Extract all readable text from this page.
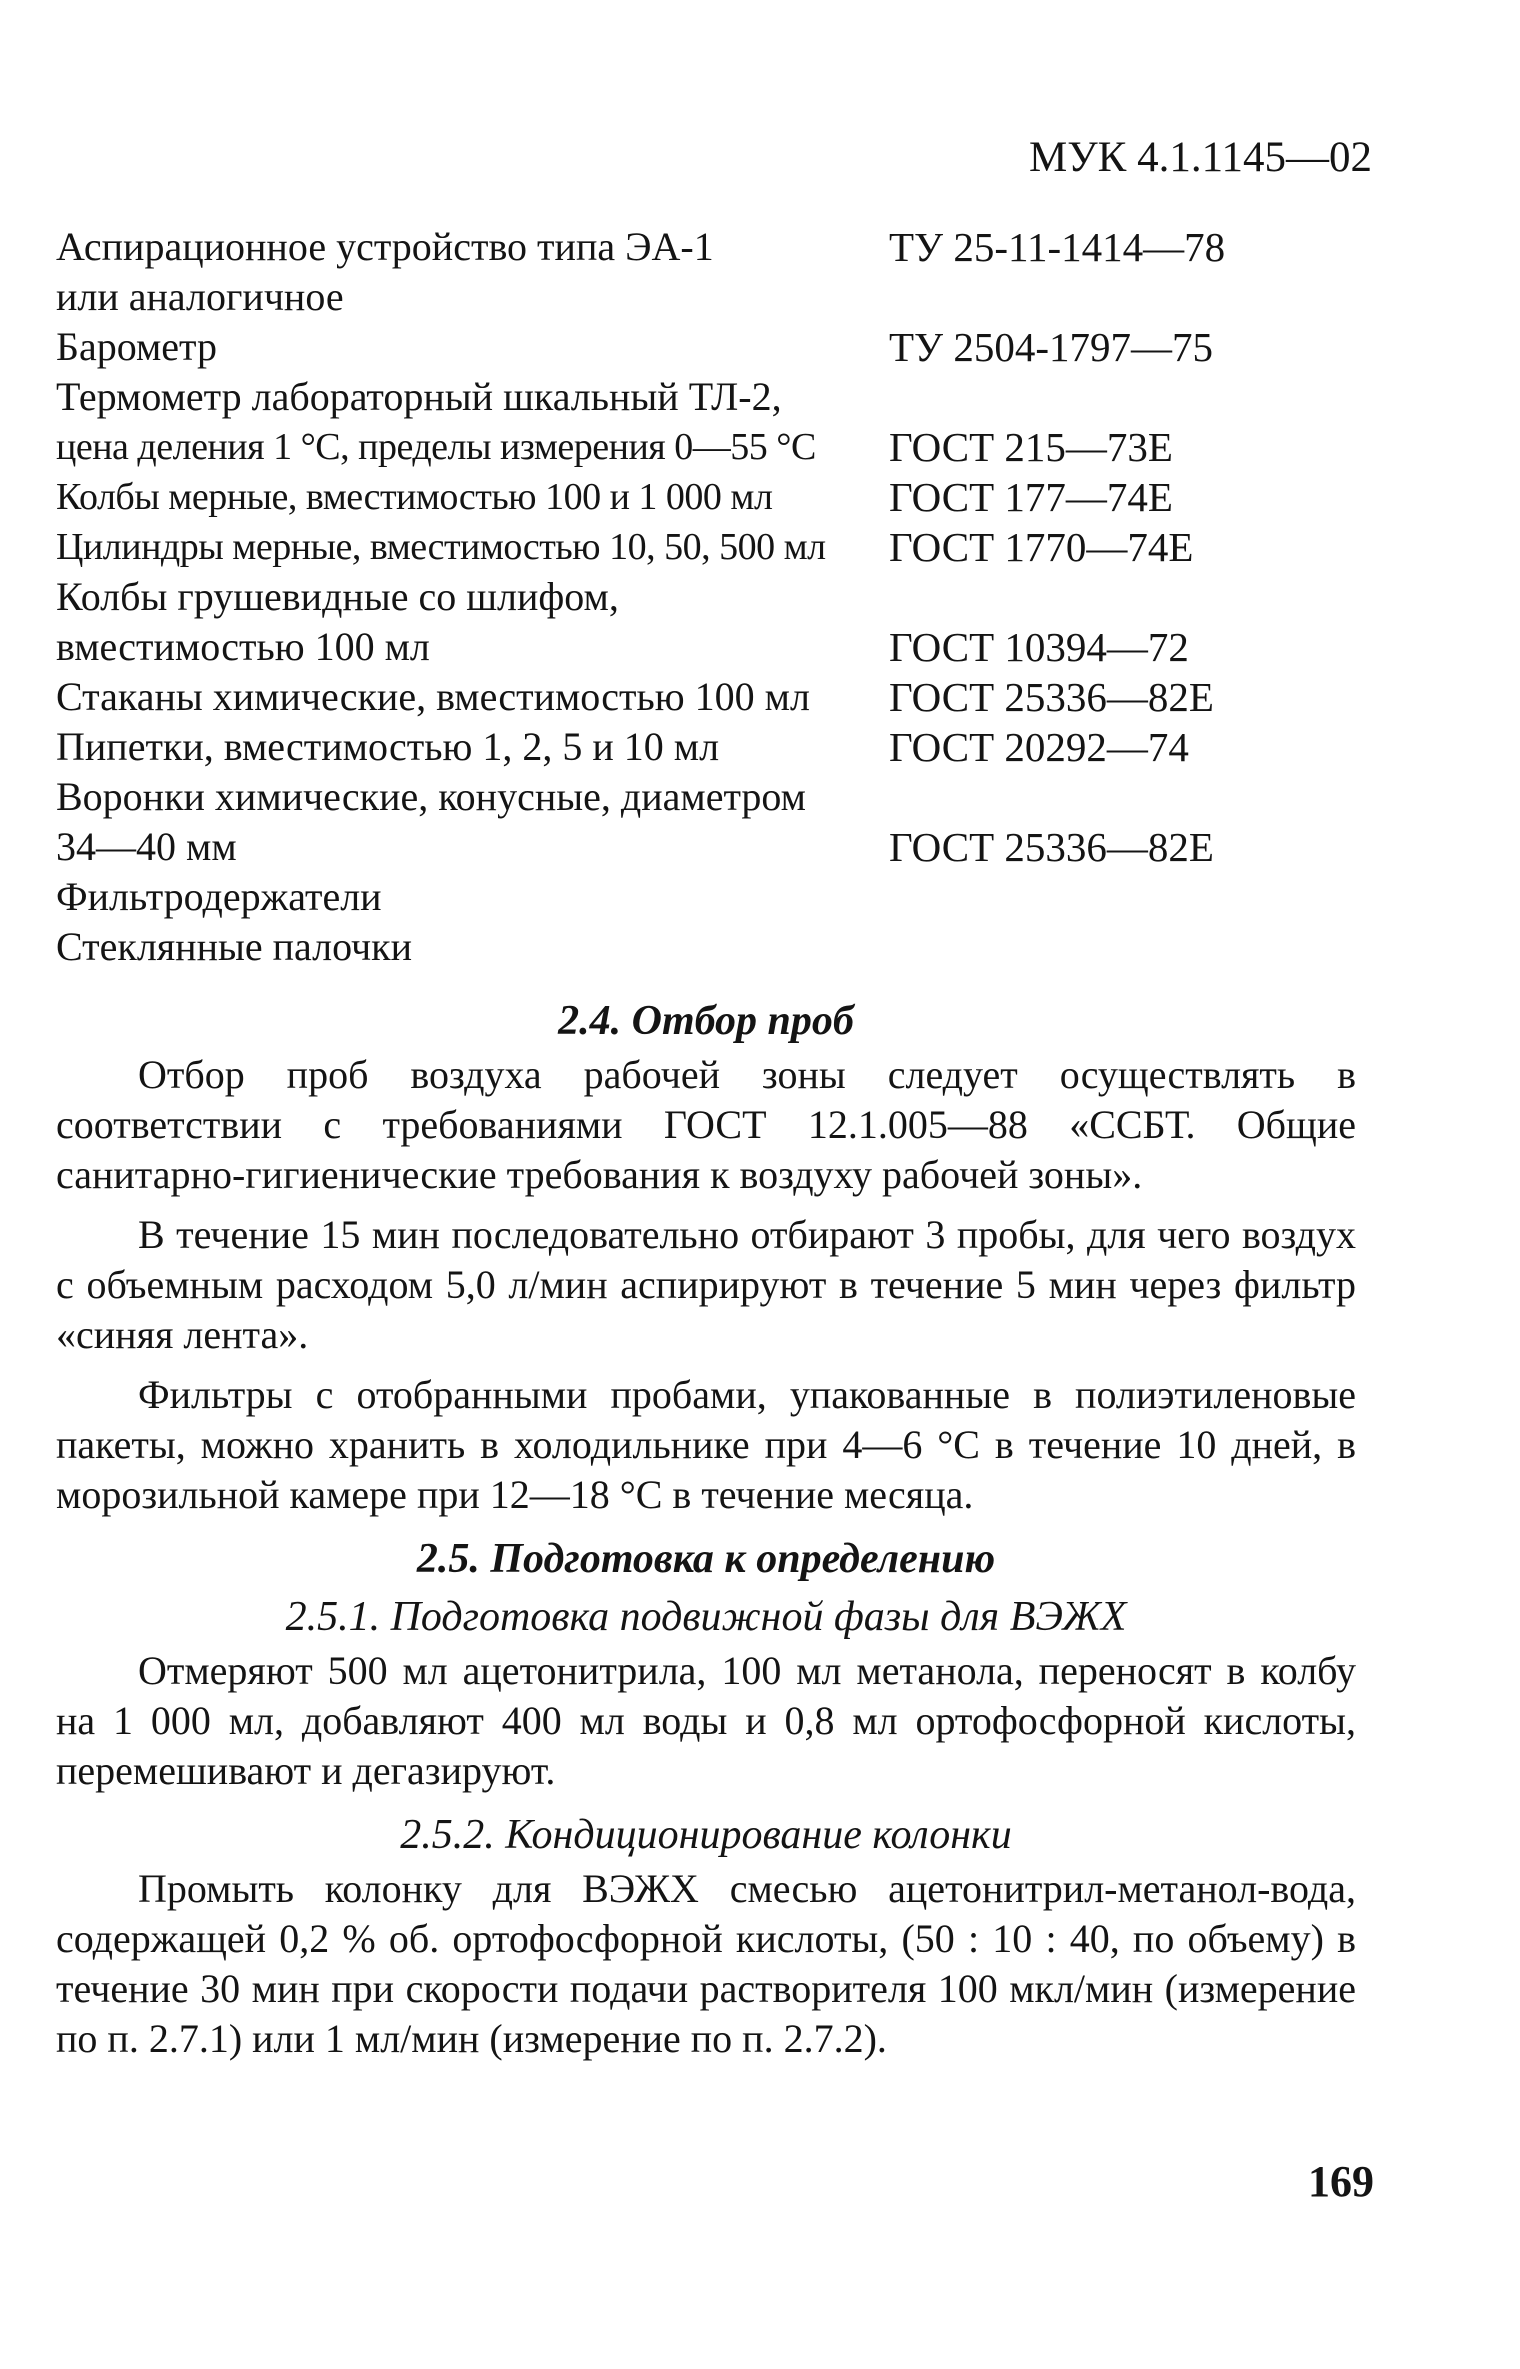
МУК 4.1.1145—02
Аспирационное устройство типа ЭА-1	ТУ 25-11-1414—78
или аналогичное
Барометр	ТУ 2504-1797—75
Термометр лабораторный шкальный ТЛ-2,
цена деления 1 °С, пределы измерения 0—55 °С ГОСТ 215—73Е
Колбы мерные, вместимостью 100 и 1 000 мл	ГОСТ 177—74Е
Цилиндры мерные, вместимостью 10, 50, 500 мл ГОСТ 1770—74Е
Колбы грушевидные со шлифом,
вместимостью 100 мл	ГОСТ 10394—72
Стаканы химические, вместимостью 100 мл ГОСТ 25336—82Е
Пипетки, вместимостью 1, 2, 5 и 10 мл	ГОСТ 20292—74
Воронки химические, конусные, диаметром
34—40 мм	ГОСТ 25336—82Е
Фильтродержатели
Стеклянные палочки
2.4. Отбор проб

Отбор проб воздуха рабочей зоны следует осуществлять в соответствии с требованиями ГОСТ 12.1.005—88 «ССБТ. Общие санитарно-гигиенические требования к воздуху рабочей зоны».

В течение 15 мин последовательно отбирают 3 пробы, для чего воздух с объемным расходом 5,0 л/мин аспирируют в течение 5 мин через фильтр «синяя лента».

Фильтры с отобранными пробами, упакованные в полиэтиленовые пакеты, можно хранить в холодильнике при 4—6 °С в течение 10 дней, в морозильной камере при 12—18 °С в течение месяца.

2.5. Подготовка к определению
2.5.1. Подготовка подвижной фазы для ВЭЖХ

Отмеряют 500 мл ацетонитрила, 100 мл метанола, переносят в колбу на 1 000 мл, добавляют 400 мл воды и 0,8 мл ортофосфорной кислоты, перемешивают и дегазируют.

2.5.2. Кондиционирование колонки

Промыть колонку для ВЭЖХ смесью ацетонитрил-метанол-вода, содержащей 0,2 % об. ортофосфорной кислоты, (50 : 10 : 40, по объему) в течение 30 мин при скорости подачи растворителя 100 мкл/мин (измерение по п. 2.7.1) или 1 мл/мин (измерение по п. 2.7.2).

169
